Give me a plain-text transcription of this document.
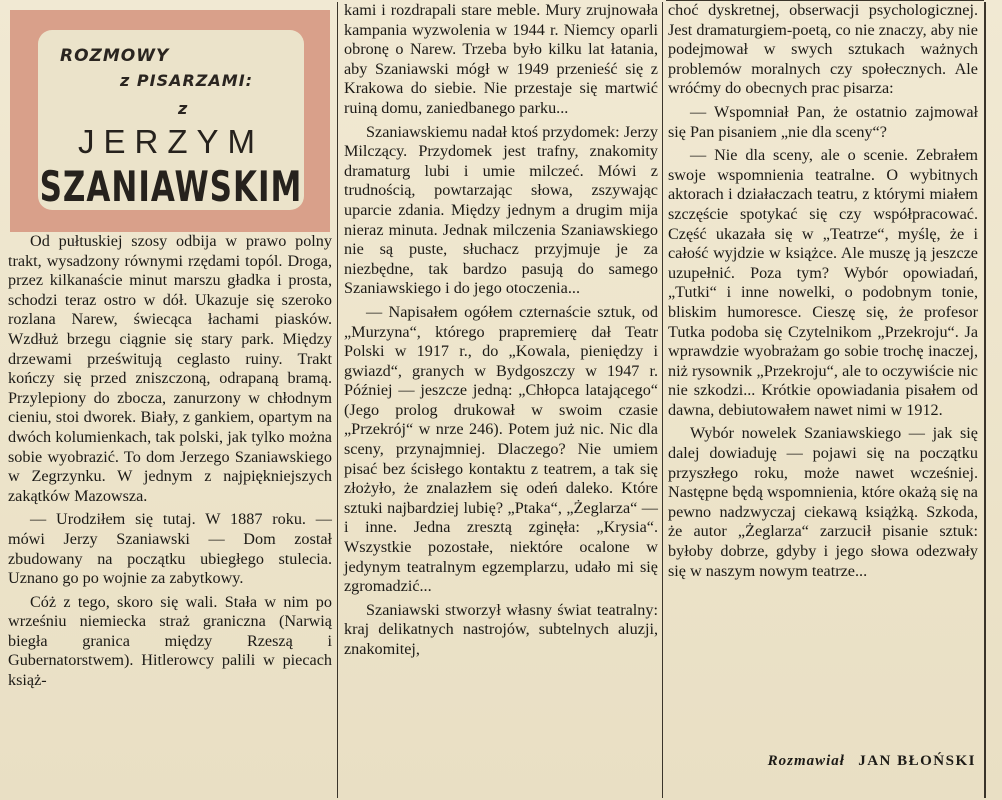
ROZMOWY
z PISARZAMI:
z
JERZYM
SZANIAWSKIM

Od pułtuskiej szosy odbija w prawo polny trakt, wysadzony równymi rzędami topól. Droga, przez kilkanaście minut marszu gładka i prosta, schodzi teraz ostro w dół. Ukazuje się szeroko rozlana Narew, świecąca łachami piasków. Wzdłuż brzegu ciągnie się stary park. Między drzewami prześwitują ceglasto ruiny. Trakt kończy się przed zniszczoną, odrapaną bramą. Przylepiony do zbocza, zanurzony w chłodnym cieniu, stoi dworek. Biały, z gankiem, opartym na dwóch kolumienkach, tak polski, jak tylko można sobie wyobrazić. To dom Jerzego Szaniawskiego w Zegrzynku. W jednym z najpiękniejszych zakątków Mazowsza.

— Urodziłem się tutaj. W 1887 roku. — mówi Jerzy Szaniawski — Dom został zbudowany na początku ubiegłego stulecia. Uznano go po wojnie za zabytkowy.

Cóż z tego, skoro się wali. Stała w nim po wrześniu niemiecka straż graniczna (Narwią biegła granica między Rzeszą i Gubernatorstwem). Hitlerowcy palili w piecach książ-

kami i rozdrapali stare meble. Mury zrujnowała kampania wyzwolenia w 1944 r. Niemcy oparli obronę o Narew. Trzeba było kilku lat łatania, aby Szaniawski mógł w 1949 przenieść się z Krakowa do siebie. Nie przestaje się martwić ruiną domu, zaniedbanego parku...

Szaniawskiemu nadał ktoś przydomek: Jerzy Milczący. Przydomek jest trafny, znakomity dramaturg lubi i umie milczeć. Mówi z trudnością, powtarzając słowa, zszywając uparcie zdania. Między jednym a drugim mija nieraz minuta. Jednak milczenia Szaniawskiego nie są puste, słuchacz przyjmuje je za niezbędne, tak bardzo pasują do samego Szaniawskiego i do jego otoczenia...

— Napisałem ogółem czternaście sztuk, od „Murzyna“, którego prapremierę dał Teatr Polski w 1917 r., do „Kowala, pieniędzy i gwiazd“, granych w Bydgoszczy w 1947 r. Później — jeszcze jedną: „Chłopca latającego“ (Jego prolog drukował w swoim czasie „Przekrój“ w nrze 246). Potem już nic. Nic dla sceny, przynajmniej. Dlaczego? Nie umiem pisać bez ścisłego kontaktu z teatrem, a tak się złożyło, że znalazłem się odeń daleko. Które sztuki najbardziej lubię? „Ptaka“, „Żeglarza“ — i inne. Jedna zresztą zginęła: „Krysia“. Wszystkie pozostałe, niektóre ocalone w jedynym teatralnym egzemplarzu, udało mi się zgromadzić...

Szaniawski stworzył własny świat teatralny: kraj delikatnych nastrojów, subtelnych aluzji, znakomitej,

choć dyskretnej, obserwacji psychologicznej. Jest dramaturgiem-poetą, co nie znaczy, aby nie podejmował w swych sztukach ważnych problemów moralnych czy społecznych. Ale wróćmy do obecnych prac pisarza:

— Wspomniał Pan, że ostatnio zajmował się Pan pisaniem „nie dla sceny“?

— Nie dla sceny, ale o scenie. Zebrałem swoje wspomnienia teatralne. O wybitnych aktorach i działaczach teatru, z którymi miałem szczęście spotykać się czy współpracować. Część ukazała się w „Teatrze“, myślę, że i całość wyjdzie w książce. Ale muszę ją jeszcze uzupełnić. Poza tym? Wybór opowiadań, „Tutki“ i inne nowelki, o podobnym tonie, bliskim humoresce. Cieszę się, że profesor Tutka podoba się Czytelnikom „Przekroju“. Ja wprawdzie wyobrażam go sobie trochę inaczej, niż rysownik „Przekroju“, ale to oczywiście nic nie szkodzi... Krótkie opowiadania pisałem od dawna, debiutowałem nawet nimi w 1912.

Wybór nowelek Szaniawskiego — jak się dalej dowiaduję — pojawi się na początku przyszłego roku, może nawet wcześniej. Następne będą wspomnienia, które okażą się na pewno nadzwyczaj ciekawą książką. Szkoda, że autor „Żeglarza“ zarzucił pisanie sztuk: byłoby dobrze, gdyby i jego słowa odezwały się w naszym nowym teatrze...

Rozmawiał JAN BŁOŃSKI
